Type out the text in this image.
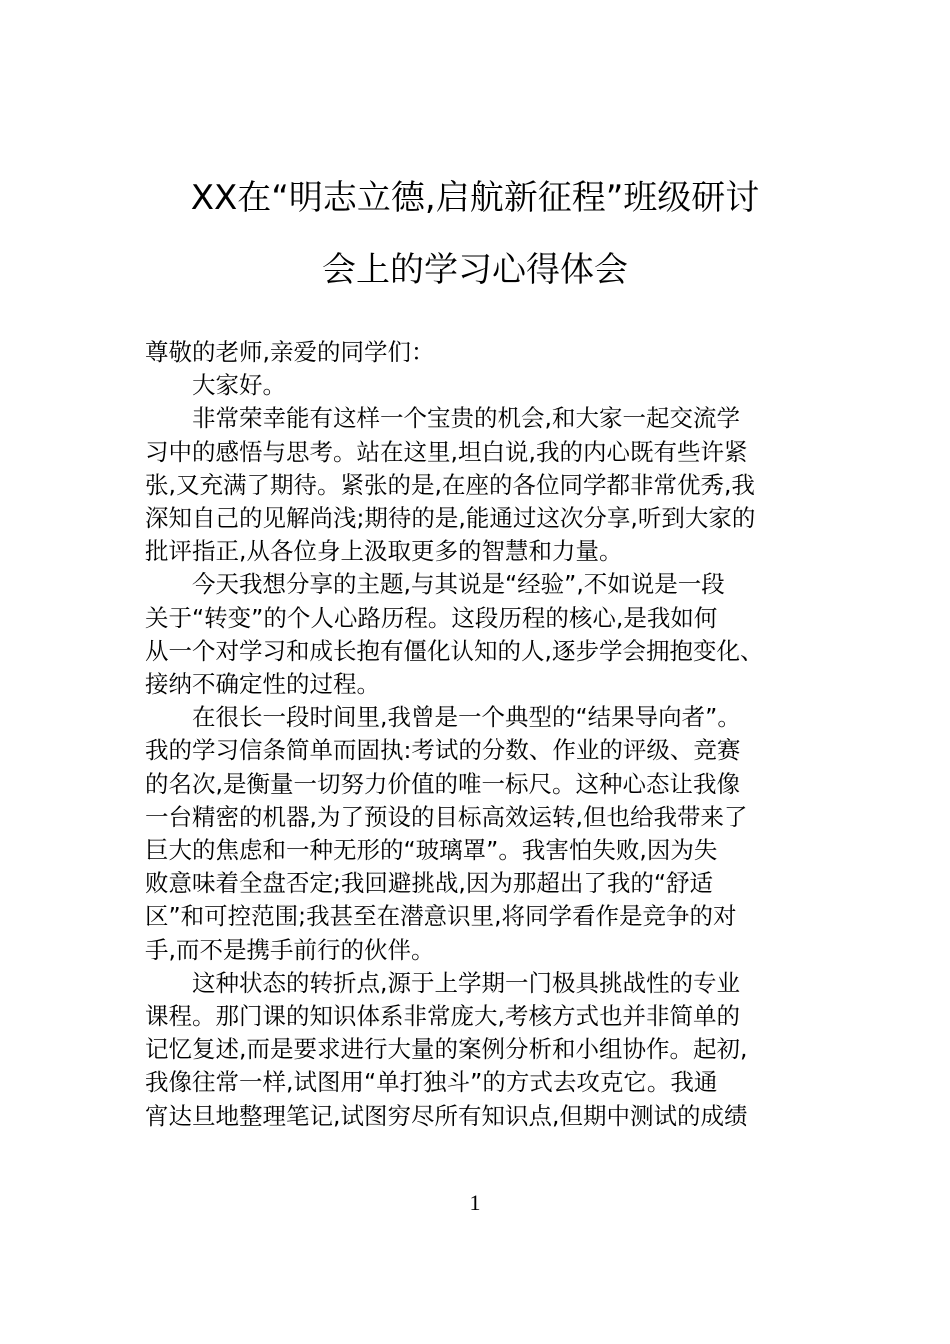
XX在“明志立德,启航新征程”班级研讨
会上的学习心得体会

尊敬的老师,亲爱的同学们：

大家好。

非常荣幸能有这样一个宝贵的机会,和大家一起交流学
习中的感悟与思考。站在这里,坦白说,我的内心既有些许紧
张,又充满了期待。紧张的是,在座的各位同学都非常优秀,我
深知自己的见解尚浅;期待的是,能通过这次分享,听到大家的
批评指正,从各位身上汲取更多的智慧和力量。

今天我想分享的主题,与其说是“经验”,不如说是一段
关于“转变”的个人心路历程。这段历程的核心,是我如何
从一个对学习和成长抱有僵化认知的人,逐步学会拥抱变化、
接纳不确定性的过程。

在很长一段时间里,我曾是一个典型的“结果导向者”。
我的学习信条简单而固执:考试的分数、作业的评级、竞赛
的名次,是衡量一切努力价值的唯一标尺。这种心态让我像
一台精密的机器,为了预设的目标高效运转,但也给我带来了
巨大的焦虑和一种无形的“玻璃罩”。我害怕失败,因为失
败意味着全盘否定;我回避挑战,因为那超出了我的“舒适
区”和可控范围;我甚至在潜意识里,将同学看作是竞争的对
手,而不是携手前行的伙伴。

这种状态的转折点,源于上学期一门极具挑战性的专业
课程。那门课的知识体系非常庞大,考核方式也并非简单的
记忆复述,而是要求进行大量的案例分析和小组协作。起初,
我像往常一样,试图用“单打独斗”的方式去攻克它。我通
宵达旦地整理笔记,试图穷尽所有知识点,但期中测试的成绩

1
